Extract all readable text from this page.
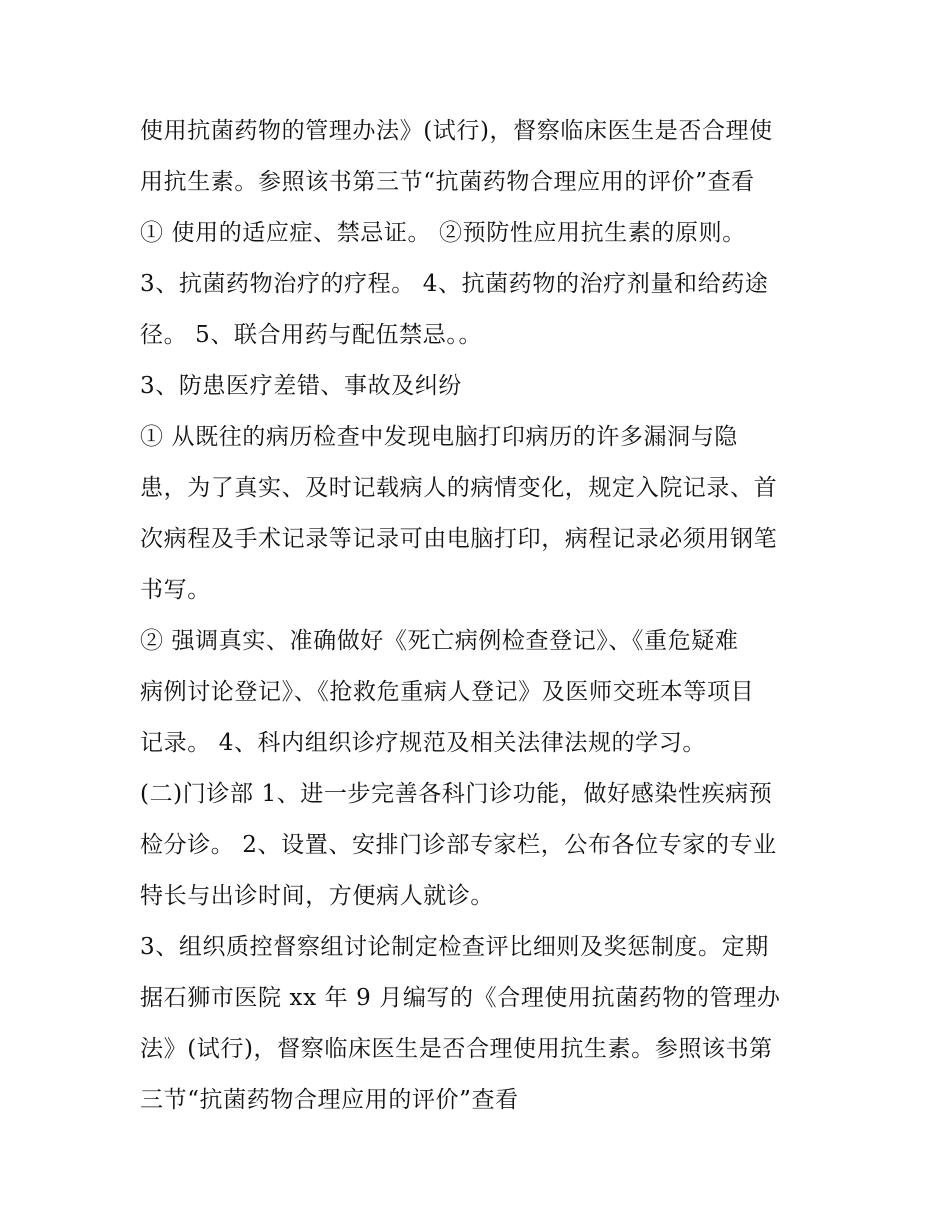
使用抗菌药物的管理办法》(试行)，督察临床医生是否合理使
用抗生素。参照该书第三节“抗菌药物合理应用的评价”查看
① 使用的适应症、禁忌证。 ②预防性应用抗生素的原则。
3、抗菌药物治疗的疗程。 4、抗菌药物的治疗剂量和给药途
径。 5、联合用药与配伍禁忌。。
3、防患医疗差错、事故及纠纷
① 从既往的病历检查中发现电脑打印病历的许多漏洞与隐
患，为了真实、及时记载病人的病情变化，规定入院记录、首
次病程及手术记录等记录可由电脑打印，病程记录必须用钢笔
书写。
② 强调真实、准确做好《死亡病例检查登记》、《重危疑难
病例讨论登记》、《抢救危重病人登记》及医师交班本等项目
记录。 4、科内组织诊疗规范及相关法律法规的学习。
(二)门诊部 1、进一步完善各科门诊功能，做好感染性疾病预
检分诊。 2、设置、安排门诊部专家栏，公布各位专家的专业
特长与出诊时间，方便病人就诊。
3、组织质控督察组讨论制定检查评比细则及奖惩制度。定期
据石狮市医院 xx 年 9 月编写的《合理使用抗菌药物的管理办
法》(试行)，督察临床医生是否合理使用抗生素。参照该书第
三节“抗菌药物合理应用的评价”查看
